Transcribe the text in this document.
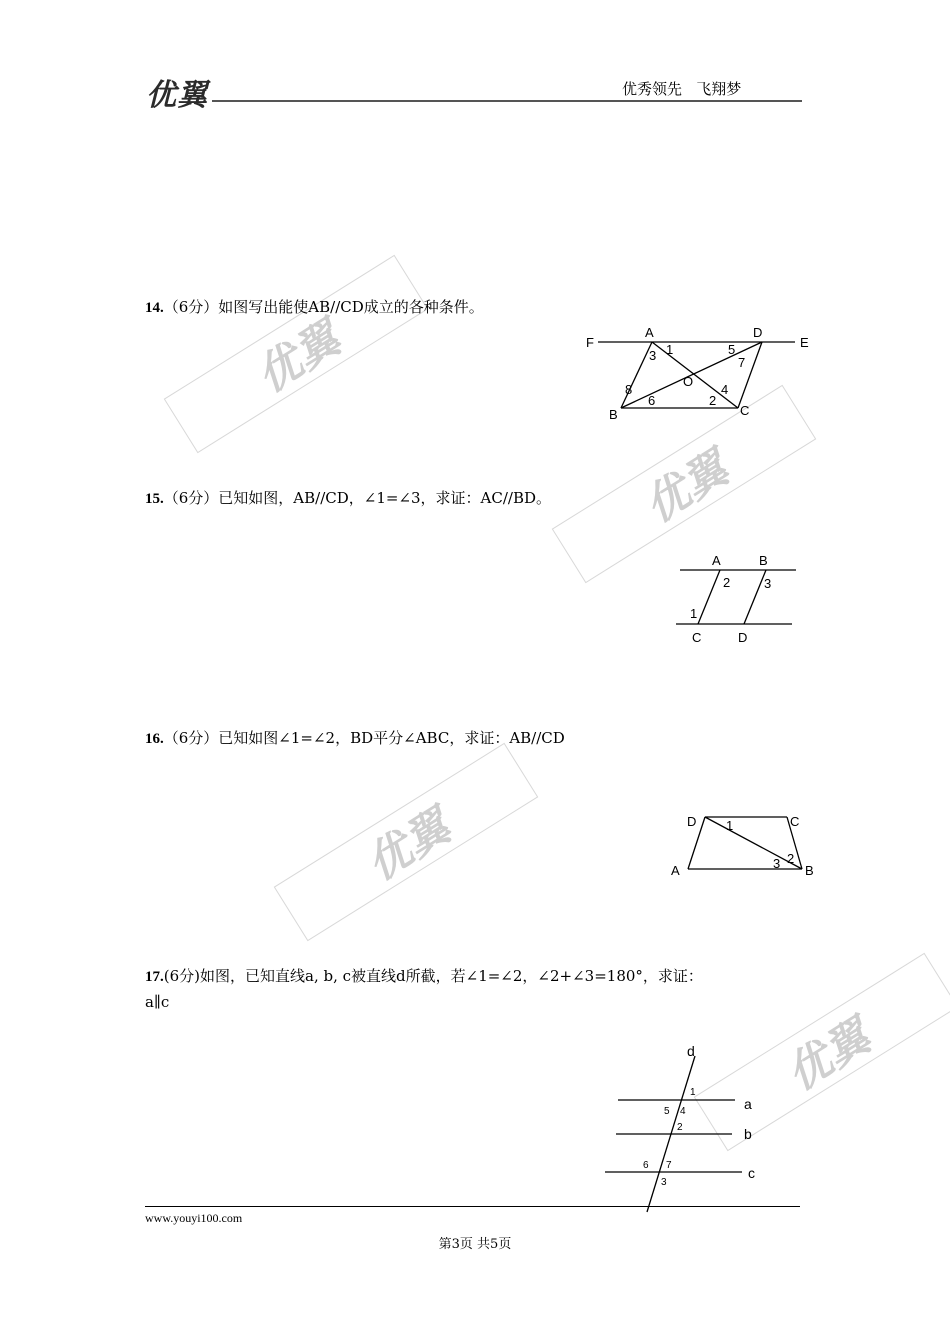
优翼	优秀领先   飞翔梦
优翼
优翼
优翼
优翼
14.（6分）如图写出能使AB//CD成立的各种条件。
A	D
F	E
B	C
O
1
2
3
4
5
6
7
8
15.（6分）已知如图，AB//CD，∠1=∠3，求证：AC//BD。
A	B
C	D
1
2	3
16.（6分）已知如图∠1=∠2，BD平分∠ABC，求证：AB//CD
D	C
A	B
1
2
3
17.(6分)如图，已知直线a, b, c被直线d所截，若∠1=∠2，∠2+∠3=180°，求证：
a∥c
d
a
b
c
1
2
3
4
5
6 7
www.youyi100.com
第3页 共5页
